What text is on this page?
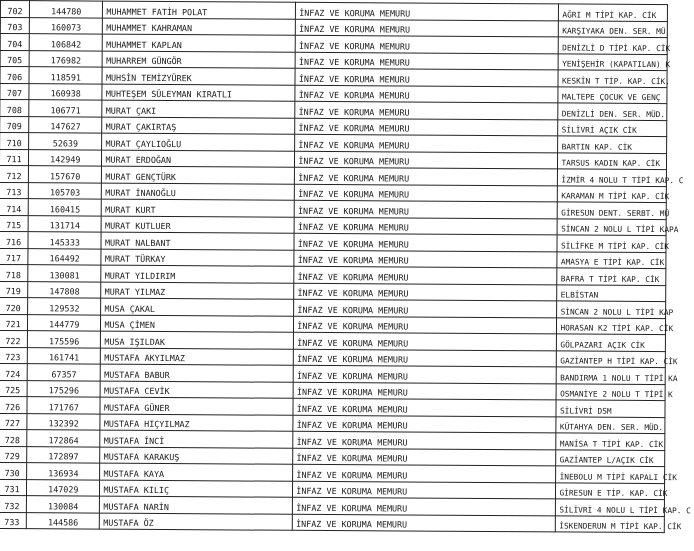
702	144780	MUHAMMET FATİH POLAT	İNFAZ VE KORUMA MEMURU	AĞRI M TİPİ KAP. CİK
703	160073	MUHAMMET KAHRAMAN	İNFAZ VE KORUMA MEMURU	KARŞIYAKA DEN. SER. MÜ
704	106842	MUHAMMET KAPLAN	İNFAZ VE KORUMA MEMURU	DENİZLİ D TİPİ KAP. CİK
705	176982	MUHARREM GÜNGÖR	İNFAZ VE KORUMA MEMURU	YENİŞEHİR (KAPATILAN) K
706	118591	MUHSİN TEMİZYÜREK	İNFAZ VE KORUMA MEMURU	KESKİN T TİP. KAP. CİK.
707	160938	MUHTEŞEM SÜLEYMAN KIRATLI	İNFAZ VE KORUMA MEMURU	MALTEPE ÇOCUK VE GENÇ
708	106771	MURAT ÇAKI	İNFAZ VE KORUMA MEMURU	DENİZLİ DEN. SER. MÜD.
709	147627	MURAT ÇAKIRTAŞ	İNFAZ VE KORUMA MEMURU	SİLİVRİ AÇIK CİK
710	52639	MURAT ÇAYLIOĞLU	İNFAZ VE KORUMA MEMURU	BARTIN KAP. CİK
711	142949	MURAT ERDOĞAN	İNFAZ VE KORUMA MEMURU	TARSUS KADIN KAP. CİK
712	157670	MURAT GENÇTÜRK	İNFAZ VE KORUMA MEMURU	İZMİR 4 NOLU T TİPİ KAP. C
713	105703	MURAT İNANOĞLU	İNFAZ VE KORUMA MEMURU	KARAMAN M TİPİ KAP. CİK
714	160415	MURAT KURT	İNFAZ VE KORUMA MEMURU	GİRESUN DENT. SERBT. MÜ
715	131714	MURAT KUTLUER	İNFAZ VE KORUMA MEMURU	SİNCAN 2 NOLU L TİPİ KAPA
716	145333	MURAT NALBANT	İNFAZ VE KORUMA MEMURU	SİLİFKE M TİPİ KAP. CİK
717	164492	MURAT TÜRKAY	İNFAZ VE KORUMA MEMURU	AMASYA E TİPİ KAP. CİK
718	130081	MURAT YILDIRIM	İNFAZ VE KORUMA MEMURU	BAFRA T TİPİ KAP. CİK
719	147808	MURAT YILMAZ	İNFAZ VE KORUMA MEMURU	ELBİSTAN
720	129532	MUSA ÇAKAL	İNFAZ VE KORUMA MEMURU	SİNCAN 2 NOLU L TİPİ KAP
721	144779	MUSA ÇİMEN	İNFAZ VE KORUMA MEMURU	HORASAN K2 TİPİ KAP. CİK
722	175596	MUSA IŞILDAK	İNFAZ VE KORUMA MEMURU	GÖLPAZARI AÇIK CİK
723	161741	MUSTAFA AKYILMAZ	İNFAZ VE KORUMA MEMURU	GAZİANTEP H TİPİ KAP. CİK
724	67357	MUSTAFA BABUR	İNFAZ VE KORUMA MEMURU	BANDIRMA 1 NOLU T TİPİ KA
725	175296	MUSTAFA CEVİK	İNFAZ VE KORUMA MEMURU	OSMANİYE 2 NOLU T TİPİ K
726	171767	MUSTAFA GÜNER	İNFAZ VE KORUMA MEMURU	SİLİVRİ DSM
727	132392	MUSTAFA HIÇYILMAZ	İNFAZ VE KORUMA MEMURU	KÜTAHYA DEN. SER. MÜD.
728	172864	MUSTAFA İNCİ	İNFAZ VE KORUMA MEMURU	MANİSA T TİPİ KAP. CİK
729	172897	MUSTAFA KARAKUŞ	İNFAZ VE KORUMA MEMURU	GAZİANTEP L/AÇIK CİK
730	136934	MUSTAFA KAYA	İNFAZ VE KORUMA MEMURU	İNEBOLU M TİPİ KAPALI CİK
731	147029	MUSTAFA KILIÇ	İNFAZ VE KORUMA MEMURU	GİRESUN E TİP. KAP. CİK
732	130084	MUSTAFA NARİN	İNFAZ VE KORUMA MEMURU	SİLİVRİ 4 NOLU L TİPİ KAP. C
733	144586	MUSTAFA ÖZ	İNFAZ VE KORUMA MEMURU	İSKENDERUN M TİPİ KAP. CİK
